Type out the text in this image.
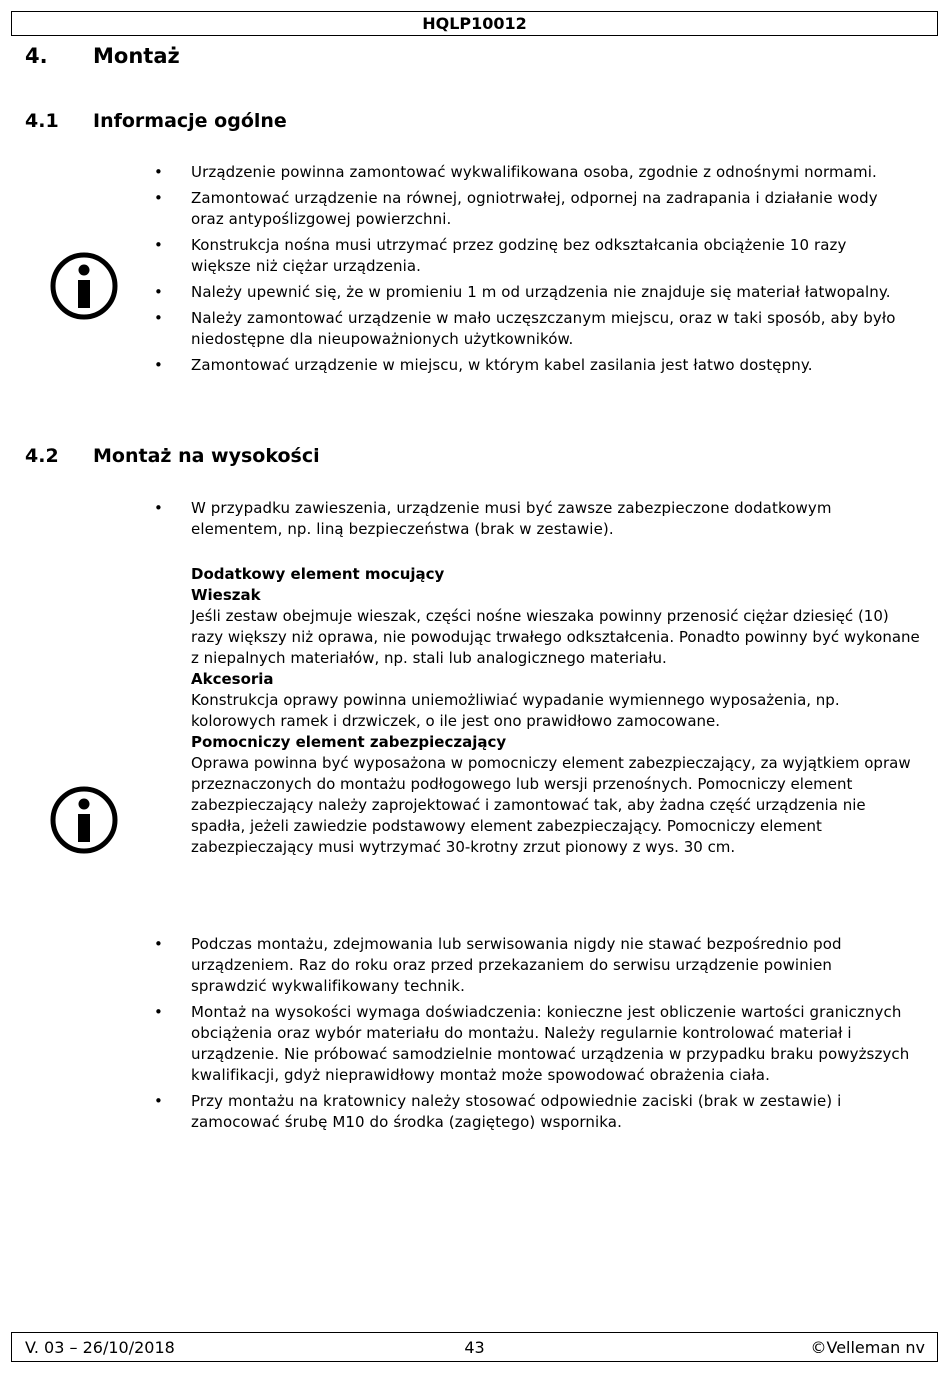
HQLP10012
4. Montaż
4.1 Informacje ogólne
• Urządzenie powinna zamontować wykwalifikowana osoba, zgodnie z odnośnymi normami.
• Zamontować urządzenie na równej, ogniotrwałej, odpornej na zadrapania i działanie wody oraz antypoślizgowej powierzchni.
• Konstrukcja nośna musi utrzymać przez godzinę bez odkształcania obciążenie 10 razy większe niż ciężar urządzenia.
• Należy upewnić się, że w promieniu 1 m od urządzenia nie znajduje się materiał łatwopalny.
• Należy zamontować urządzenie w mało uczęszczanym miejscu, oraz w taki sposób, aby było niedostępne dla nieupoważnionych użytkowników.
• Zamontować urządzenie w miejscu, w którym kabel zasilania jest łatwo dostępny.
4.2 Montaż na wysokości
• W przypadku zawieszenia, urządzenie musi być zawsze zabezpieczone dodatkowym elementem, np. liną bezpieczeństwa (brak w zestawie).

Dodatkowy element mocujący

Wieszak

Jeśli zestaw obejmuje wieszak, części nośne wieszaka powinny przenosić ciężar dziesięć (10) razy większy niż oprawa, nie powodując trwałego odkształcenia. Ponadto powinny być wykonane z niepalnych materiałów, np. stali lub analogicznego materiału.

Akcesoria

Konstrukcja oprawy powinna uniemożliwiać wypadanie wymiennego wyposażenia, np. kolorowych ramek i drzwiczek, o ile jest ono prawidłowo zamocowane.

Pomocniczy element zabezpieczający

Oprawa powinna być wyposażona w pomocniczy element zabezpieczający, za wyjątkiem opraw przeznaczonych do montażu podłogowego lub wersji przenośnych. Pomocniczy element zabezpieczający należy zaprojektować i zamontować tak, aby żadna część urządzenia nie spadła, jeżeli zawiedzie podstawowy element zabezpieczający. Pomocniczy element zabezpieczający musi wytrzymać 30-krotny zrzut pionowy z wys. 30 cm.

• Podczas montażu, zdejmowania lub serwisowania nigdy nie stawać bezpośrednio pod urządzeniem. Raz do roku oraz przed przekazaniem do serwisu urządzenie powinien sprawdzić wykwalifikowany technik.
• Montaż na wysokości wymaga doświadczenia: konieczne jest obliczenie wartości granicznych obciążenia oraz wybór materiału do montażu. Należy regularnie kontrolować materiał i urządzenie. Nie próbować samodzielnie montować urządzenia w przypadku braku powyższych kwalifikacji, gdyż nieprawidłowy montaż może spowodować obrażenia ciała.
• Przy montażu na kratownicy należy stosować odpowiednie zaciski (brak w zestawie) i zamocować śrubę M10 do środka (zagiętego) wspornika.
V. 03 – 26/10/2018	43	©Velleman nv
